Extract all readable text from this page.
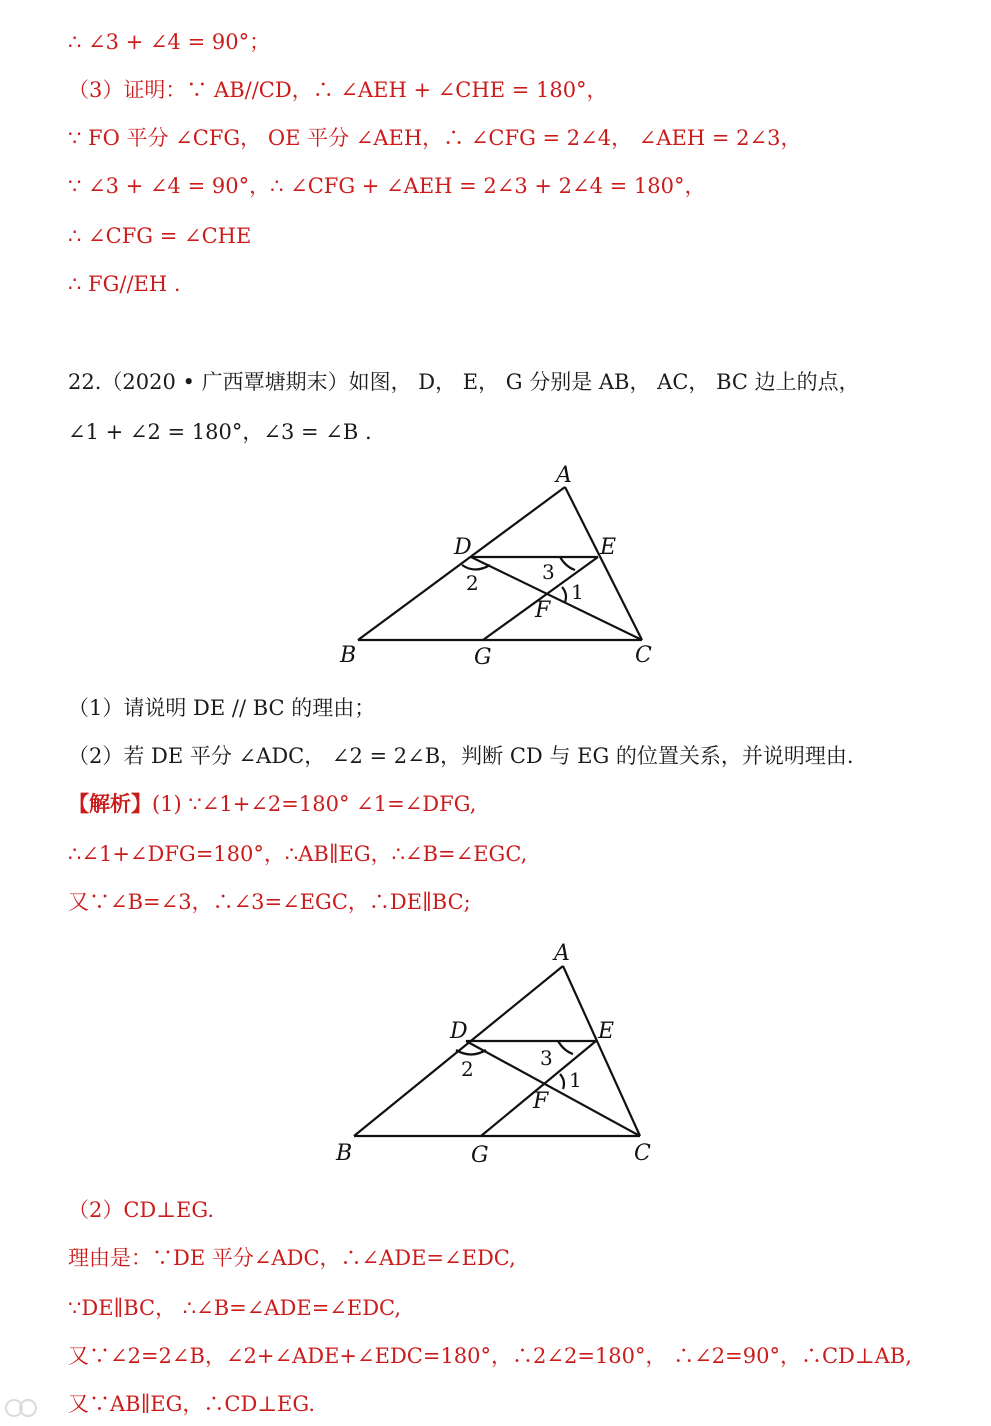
∴ ∠3 + ∠4 = 90°；
（3）证明：∵ AB//CD，∴ ∠AEH + ∠CHE = 180°，
∵ FO 平分 ∠CFG， OE 平分 ∠AEH，∴ ∠CFG = 2∠4， ∠AEH = 2∠3，
∵ ∠3 + ∠4 = 90°，∴ ∠CFG + ∠AEH = 2∠3 + 2∠4 = 180°，
∴ ∠CFG = ∠CHE
∴ FG//EH .
22.（2020 • 广西覃塘期末）如图， D， E， G 分别是 AB， AC， BC 边上的点，
∠1 + ∠2 = 180°，∠3 = ∠B .
A
B	C
D	E
F
G
2	3
1
（1）请说明 DE // BC 的理由；
（2）若 DE 平分 ∠ADC， ∠2 = 2∠B，判断 CD 与 EG 的位置关系，并说明理由.
【解析】(1) ∵∠1+∠2=180° ∠1=∠DFG,
∴∠1+∠DFG=180°，∴AB∥EG，∴∠B=∠EGC,
又∵∠B=∠3，∴∠3=∠EGC，∴DE∥BC;
A
B	C
D	E
F
G
2	3
1
（2）CD⊥EG.
理由是：∵DE 平分∠ADC，∴∠ADE=∠EDC,
∵DE∥BC， ∴∠B=∠ADE=∠EDC,
又∵∠2=2∠B，∠2+∠ADE+∠EDC=180°，∴2∠2=180°， ∴∠2=90°，∴CD⊥AB,
又∵AB∥EG，∴CD⊥EG.
